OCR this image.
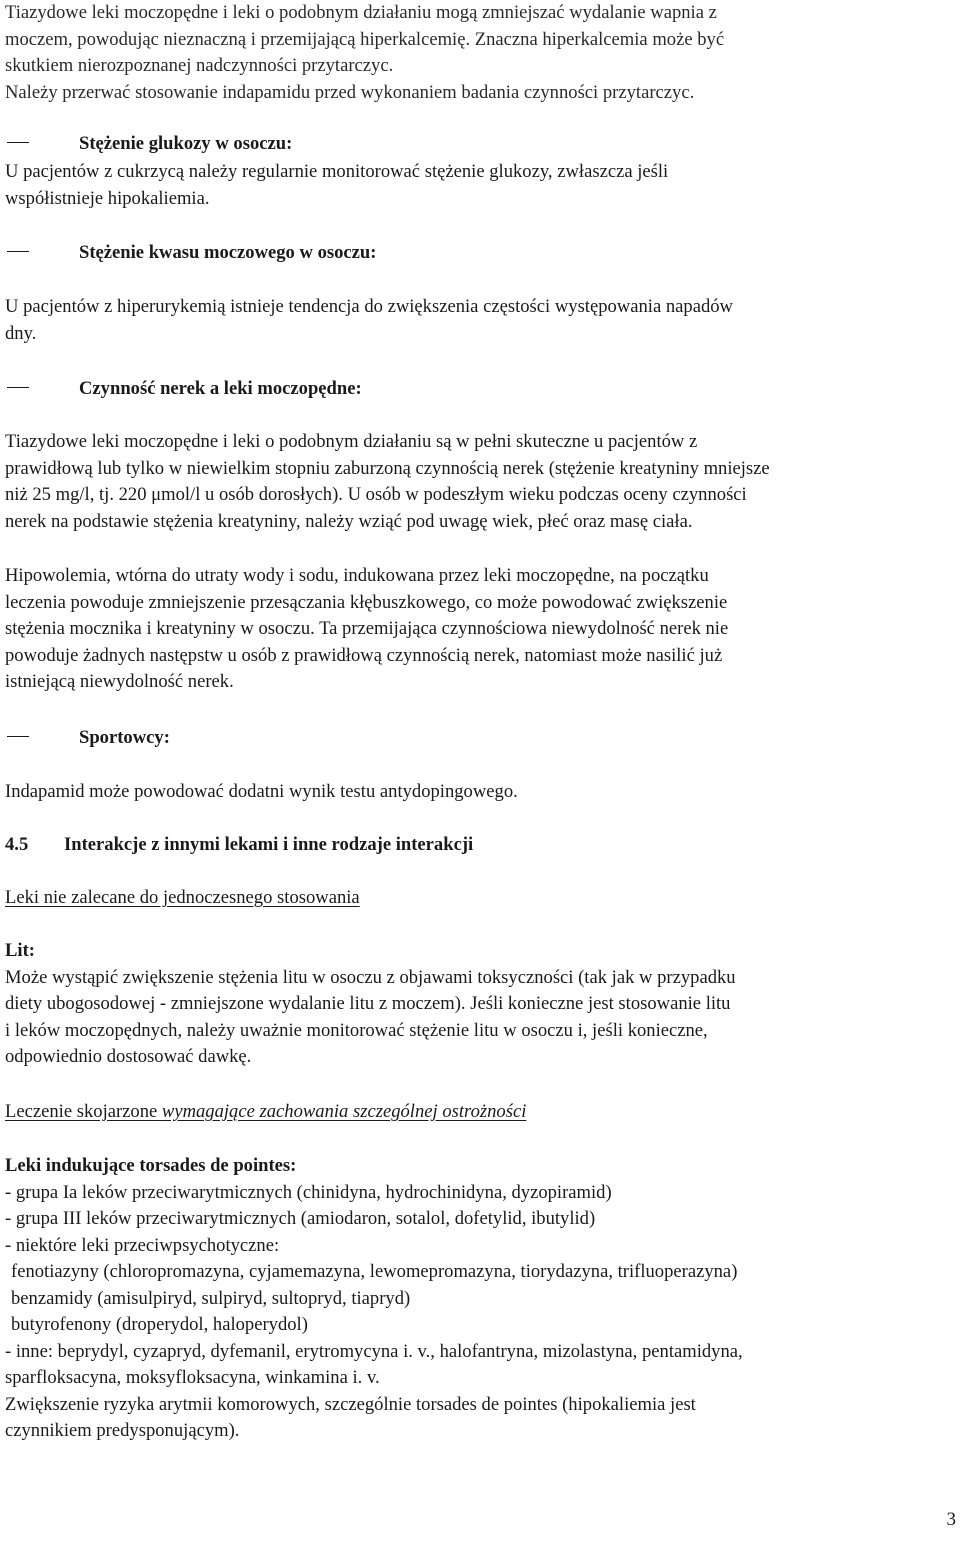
Tiazydowe leki moczopędne i leki o podobnym działaniu mogą zmniejszać wydalanie wapnia z

moczem, powodując nieznaczną i przemijającą hiperkalcemię. Znaczna hiperkalcemia może być

skutkiem nierozpoznanej nadczynności przytarczyc.

Należy przerwać stosowanie indapamidu przed wykonaniem badania czynności przytarczyc.

Stężenie glukozy w osoczu:

U pacjentów z cukrzycą należy regularnie monitorować stężenie glukozy, zwłaszcza jeśli

współistnieje hipokaliemia.

Stężenie kwasu moczowego w osoczu:

U pacjentów z hiperurykemią istnieje tendencja do zwiększenia częstości występowania napadów

dny.

Czynność nerek a leki moczopędne:

Tiazydowe leki moczopędne i leki o podobnym działaniu są w pełni skuteczne u pacjentów z

prawidłową lub tylko w niewielkim stopniu zaburzoną czynnością nerek (stężenie kreatyniny mniejsze

niż 25 mg/l, tj. 220 μmol/l u osób dorosłych). U osób w podeszłym wieku podczas oceny czynności

nerek na podstawie stężenia kreatyniny, należy wziąć pod uwagę wiek, płeć oraz masę ciała.

Hipowolemia, wtórna do utraty wody i sodu, indukowana przez leki moczopędne, na początku

leczenia powoduje zmniejszenie przesączania kłębuszkowego, co może powodować zwiększenie

stężenia mocznika i kreatyniny w osoczu. Ta przemijająca czynnościowa niewydolność nerek nie

powoduje żadnych następstw u osób z prawidłową czynnością nerek, natomiast może nasilić już

istniejącą niewydolność nerek.

Sportowcy:

Indapamid może powodować dodatni wynik testu antydopingowego.

4.5 Interakcje z innymi lekami i inne rodzaje interakcji
Leki nie zalecane do jednoczesnego stosowania

Lit:

Może wystąpić zwiększenie stężenia litu w osoczu z objawami toksyczności (tak jak w przypadku

diety ubogosodowej - zmniejszone wydalanie litu z moczem). Jeśli konieczne jest stosowanie litu

i leków moczopędnych, należy uważnie monitorować stężenie litu w osoczu i, jeśli konieczne,

odpowiednio dostosować dawkę.

Leczenie skojarzone wymagające zachowania szczególnej ostrożności

Leki indukujące torsades de pointes:

- grupa Ia leków przeciwarytmicznych (chinidyna, hydrochinidyna, dyzopiramid)

- grupa III leków przeciwarytmicznych (amiodaron, sotalol, dofetylid, ibutylid)

- niektóre leki przeciwpsychotyczne:

fenotiazyny (chloropromazyna, cyjamemazyna, lewomepromazyna, tiorydazyna, trifluoperazyna)

benzamidy (amisulpiryd, sulpiryd, sultopryd, tiapryd)

butyrofenony (droperydol, haloperydol)

- inne: beprydyl, cyzapryd, dyfemanil, erytromycyna i. v., halofantryna, mizolastyna, pentamidyna,

sparfloksacyna, moksyfloksacyna, winkamina i. v.

Zwiększenie ryzyka arytmii komorowych, szczególnie torsades de pointes (hipokaliemia jest

czynnikiem predysponującym).

3
